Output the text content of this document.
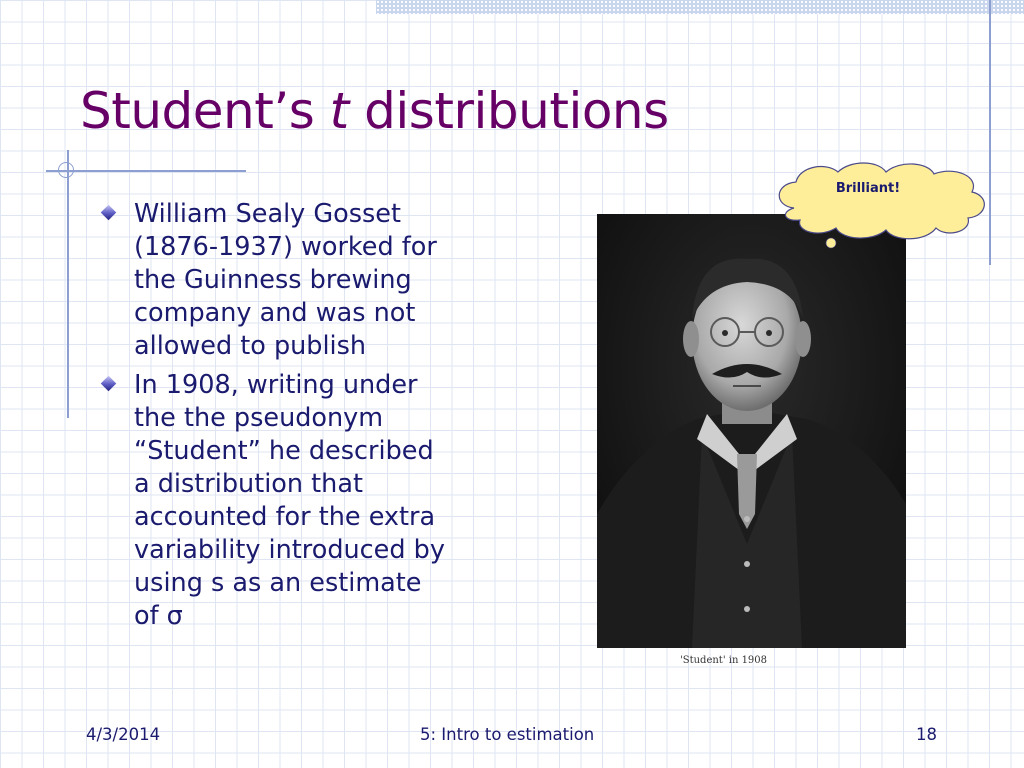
Student’s t distributions
William Sealy Gosset
(1876-1937) worked for
the Guinness brewing
company and was not
allowed to publish
In 1908, writing under
the the pseudonym
“Student” he described
a distribution that
accounted for the extra
variability introduced by
using s as an estimate
of σ
'Student' in 1908
Brilliant!
4/3/2014	5: Intro to estimation	18
